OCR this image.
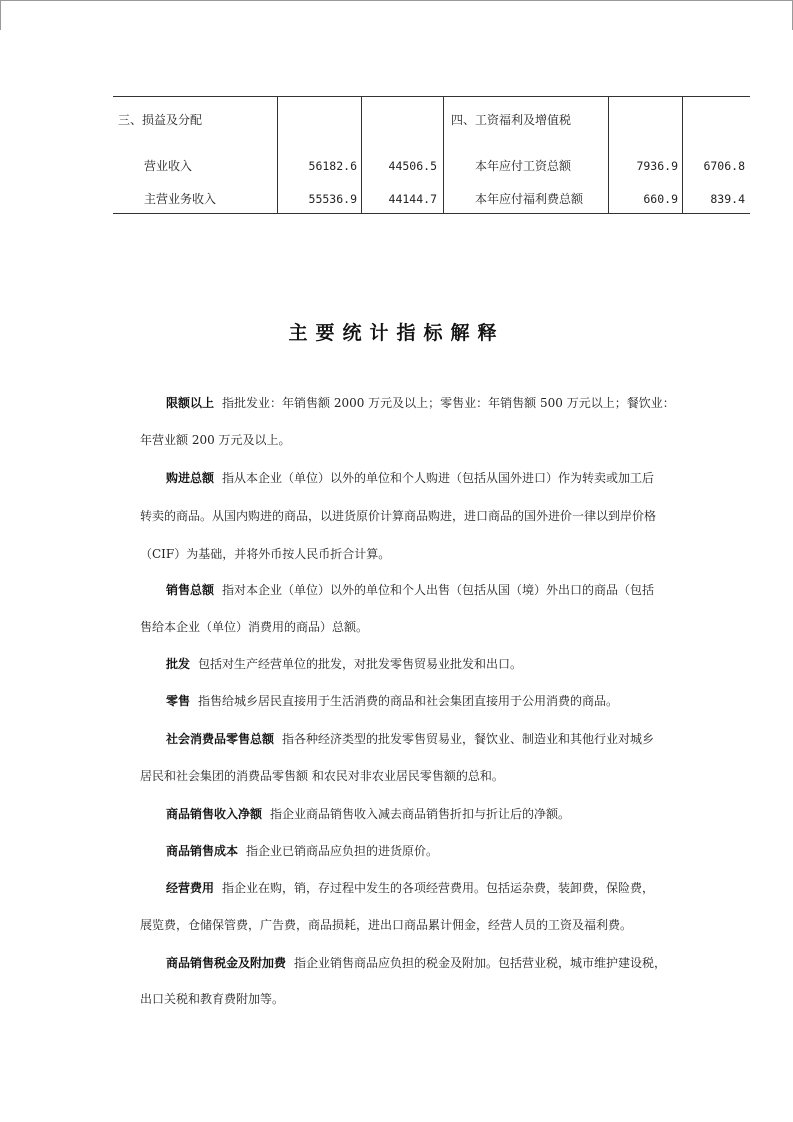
三、损益及分配	四、工资福利及增值税
营业收入	56182.6	44506.5	本年应付工资总额	7936.9	6706.8
主营业务收入	55536.9	44144.7	本年应付福利费总额	660.9	839.4
主要统计指标解释
限额以上 指批发业：年销售额 2000 万元及以上；零售业：年销售额 500 万元以上；餐饮业：
年营业额 200 万元及以上。
购进总额 指从本企业（单位）以外的单位和个人购进（包括从国外进口）作为转卖或加工后
转卖的商品。从国内购进的商品，以进货原价计算商品购进，进口商品的国外进价一律以到岸价格
（CIF）为基础，并将外币按人民币折合计算。
销售总额 指对本企业（单位）以外的单位和个人出售（包括从国（境）外出口的商品（包括
售给本企业（单位）消费用的商品）总额。
批发 包括对生产经营单位的批发，对批发零售贸易业批发和出口。
零售 指售给城乡居民直接用于生活消费的商品和社会集团直接用于公用消费的商品。
社会消费品零售总额 指各种经济类型的批发零售贸易业，餐饮业、制造业和其他行业对城乡
居民和社会集团的消费品零售额 和农民对非农业居民零售额的总和。
商品销售收入净额 指企业商品销售收入减去商品销售折扣与折让后的净额。
商品销售成本 指企业已销商品应负担的进货原价。
经营费用 指企业在购，销，存过程中发生的各项经营费用。包括运杂费，装卸费，保险费，
展览费，仓储保管费，广告费，商品损耗，进出口商品累计佣金，经营人员的工资及福利费。
商品销售税金及附加费 指企业销售商品应负担的税金及附加。包括营业税，城市维护建设税，
出口关税和教育费附加等。
